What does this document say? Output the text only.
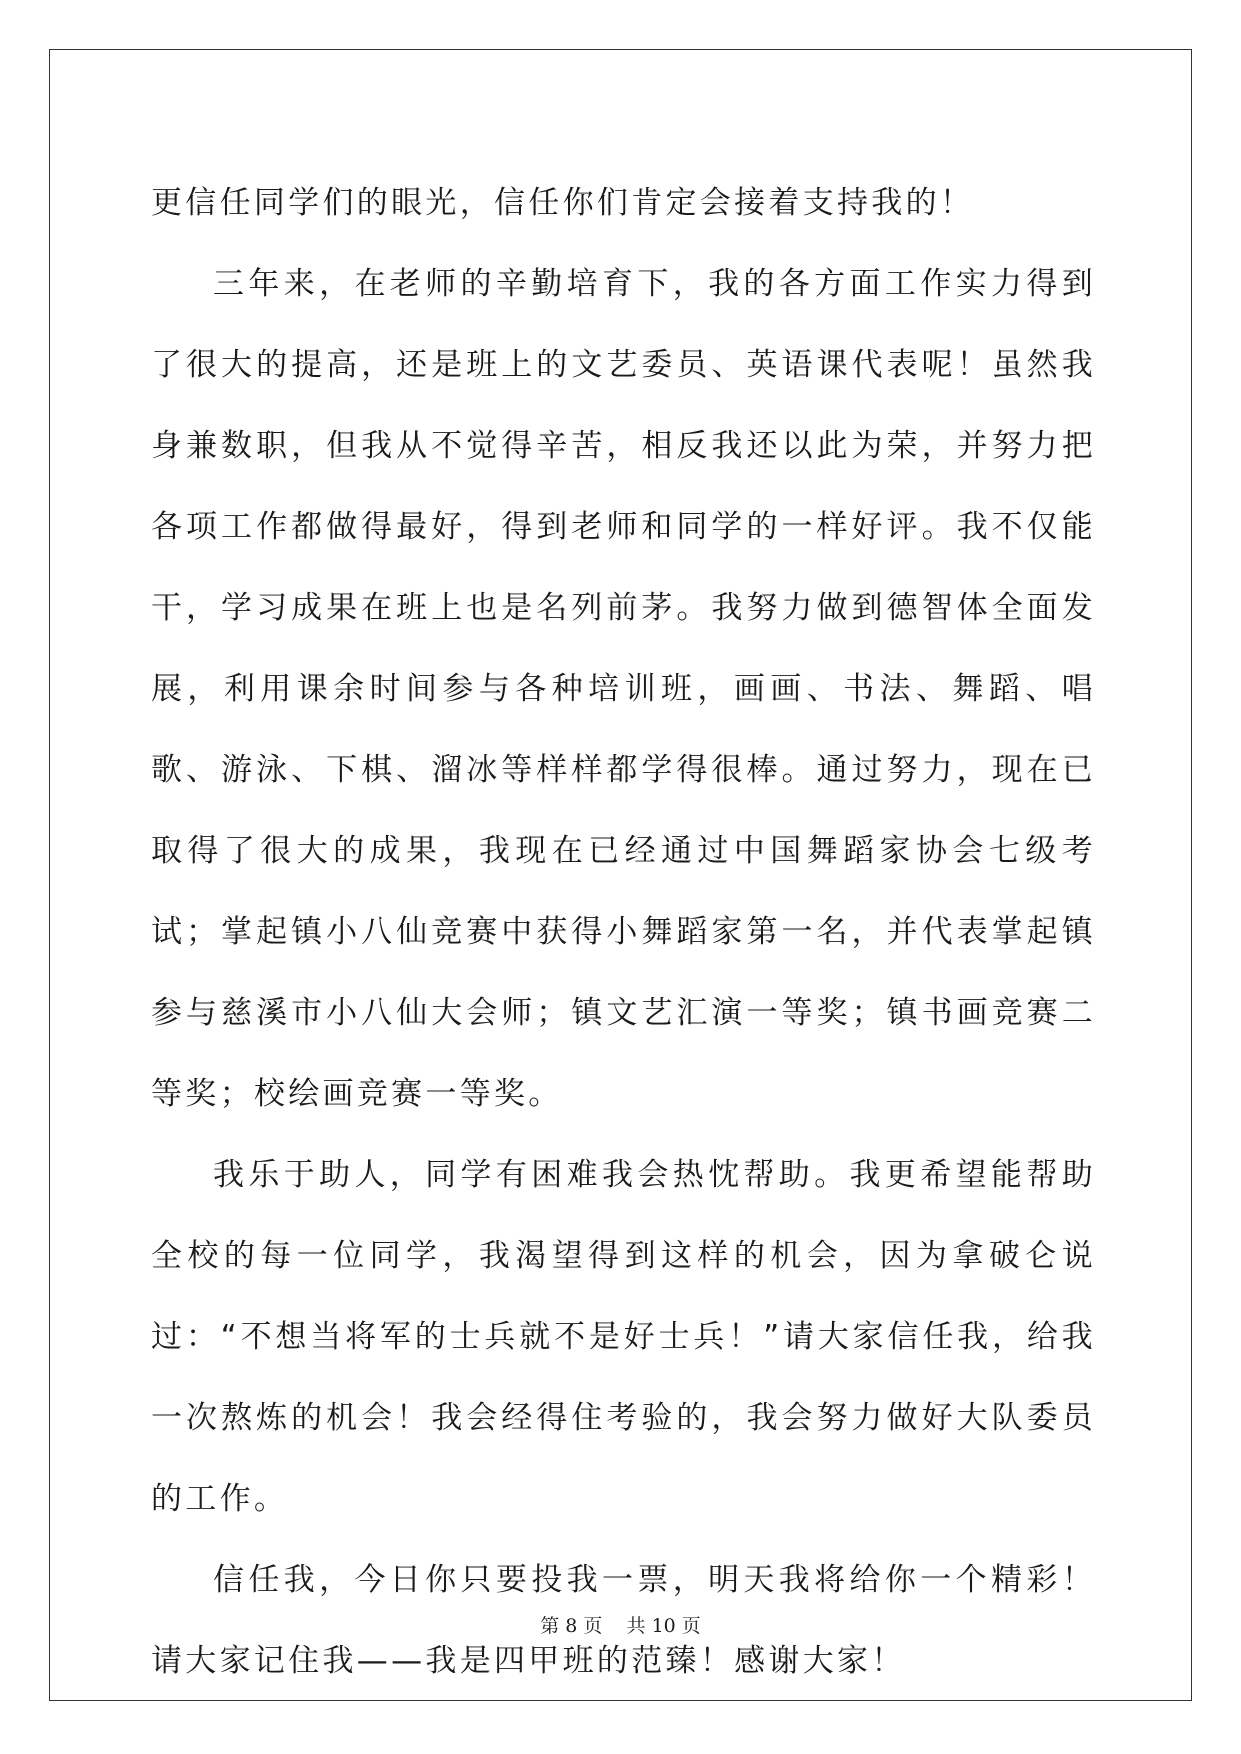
更信任同学们的眼光，信任你们肯定会接着支持我的！

三年来，在老师的辛勤培育下，我的各方面工作实力得到了很大的提高，还是班上的文艺委员、英语课代表呢！虽然我身兼数职，但我从不觉得辛苦，相反我还以此为荣，并努力把各项工作都做得最好，得到老师和同学的一样好评。我不仅能干，学习成果在班上也是名列前茅。我努力做到德智体全面发展，利用课余时间参与各种培训班，画画、书法、舞蹈、唱歌、游泳、下棋、溜冰等样样都学得很棒。通过努力，现在已取得了很大的成果，我现在已经通过中国舞蹈家协会七级考试；掌起镇小八仙竞赛中获得小舞蹈家第一名，并代表掌起镇参与慈溪市小八仙大会师；镇文艺汇演一等奖；镇书画竞赛二等奖；校绘画竞赛一等奖。

我乐于助人，同学有困难我会热忱帮助。我更希望能帮助全校的每一位同学，我渴望得到这样的机会，因为拿破仑说过：“不想当将军的士兵就不是好士兵！”请大家信任我，给我一次熬炼的机会！我会经得住考验的，我会努力做好大队委员的工作。

信任我，今日你只要投我一票，明天我将给你一个精彩！请大家记住我——我是四甲班的范臻！感谢大家！

第 8 页    共 10 页
